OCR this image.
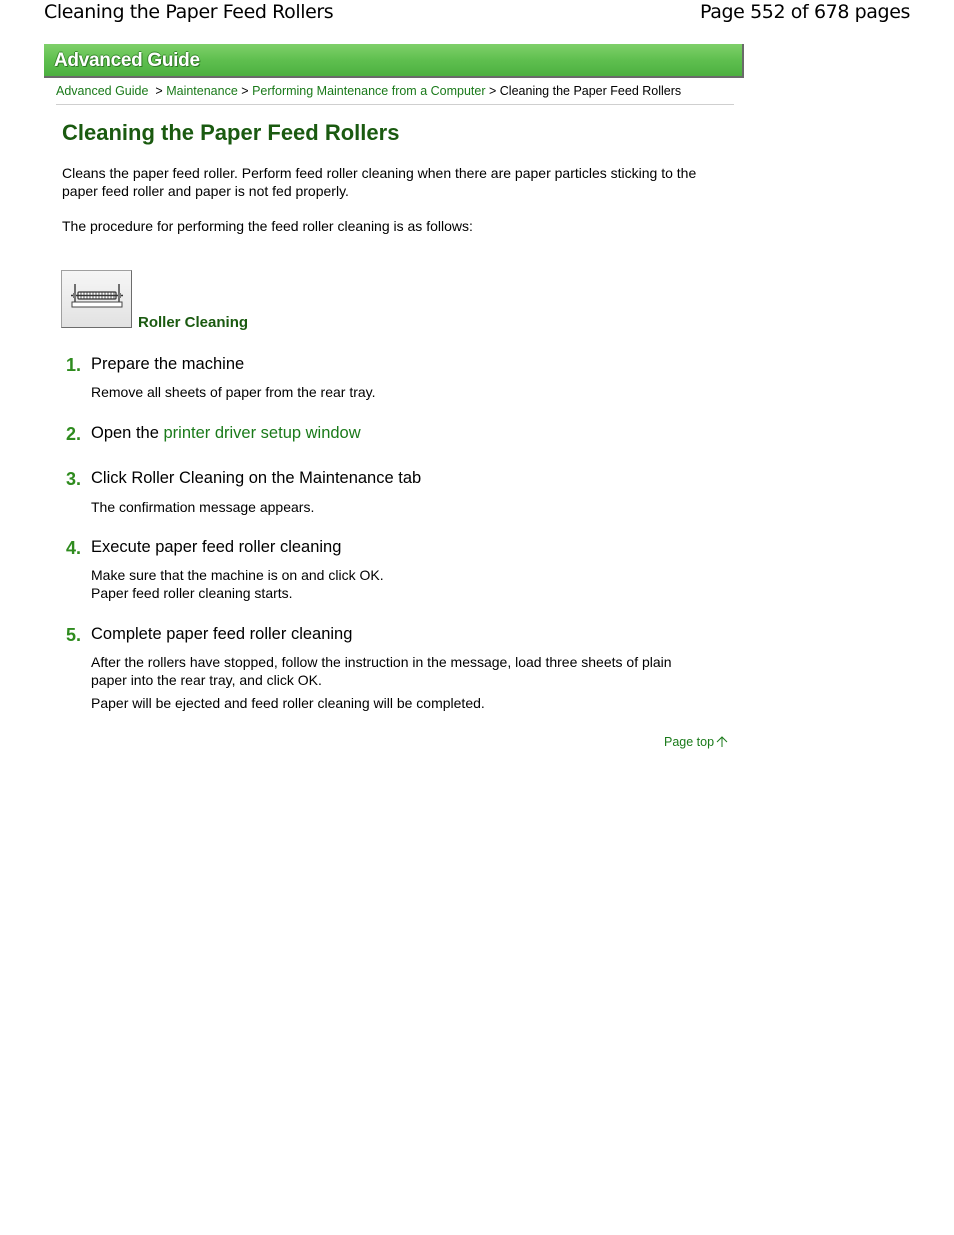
Cleaning the Paper Feed Rollers	Page 552 of 678 pages
Advanced Guide
Advanced Guide > Maintenance > Performing Maintenance from a Computer > Cleaning the Paper Feed Rollers
Cleaning the Paper Feed Rollers

Cleans the paper feed roller. Perform feed roller cleaning when there are paper particles sticking to the paper feed roller and paper is not fed properly.

The procedure for performing the feed roller cleaning is as follows:

Roller Cleaning
1. Prepare the machine

Remove all sheets of paper from the rear tray.

2. Open the printer driver setup window
3. Click Roller Cleaning on the Maintenance tab

The confirmation message appears.

4. Execute paper feed roller cleaning

Make sure that the machine is on and click OK.

Paper feed roller cleaning starts.

5. Complete paper feed roller cleaning

After the rollers have stopped, follow the instruction in the message, load three sheets of plain paper into the rear tray, and click OK.

Paper will be ejected and feed roller cleaning will be completed.

Page top
